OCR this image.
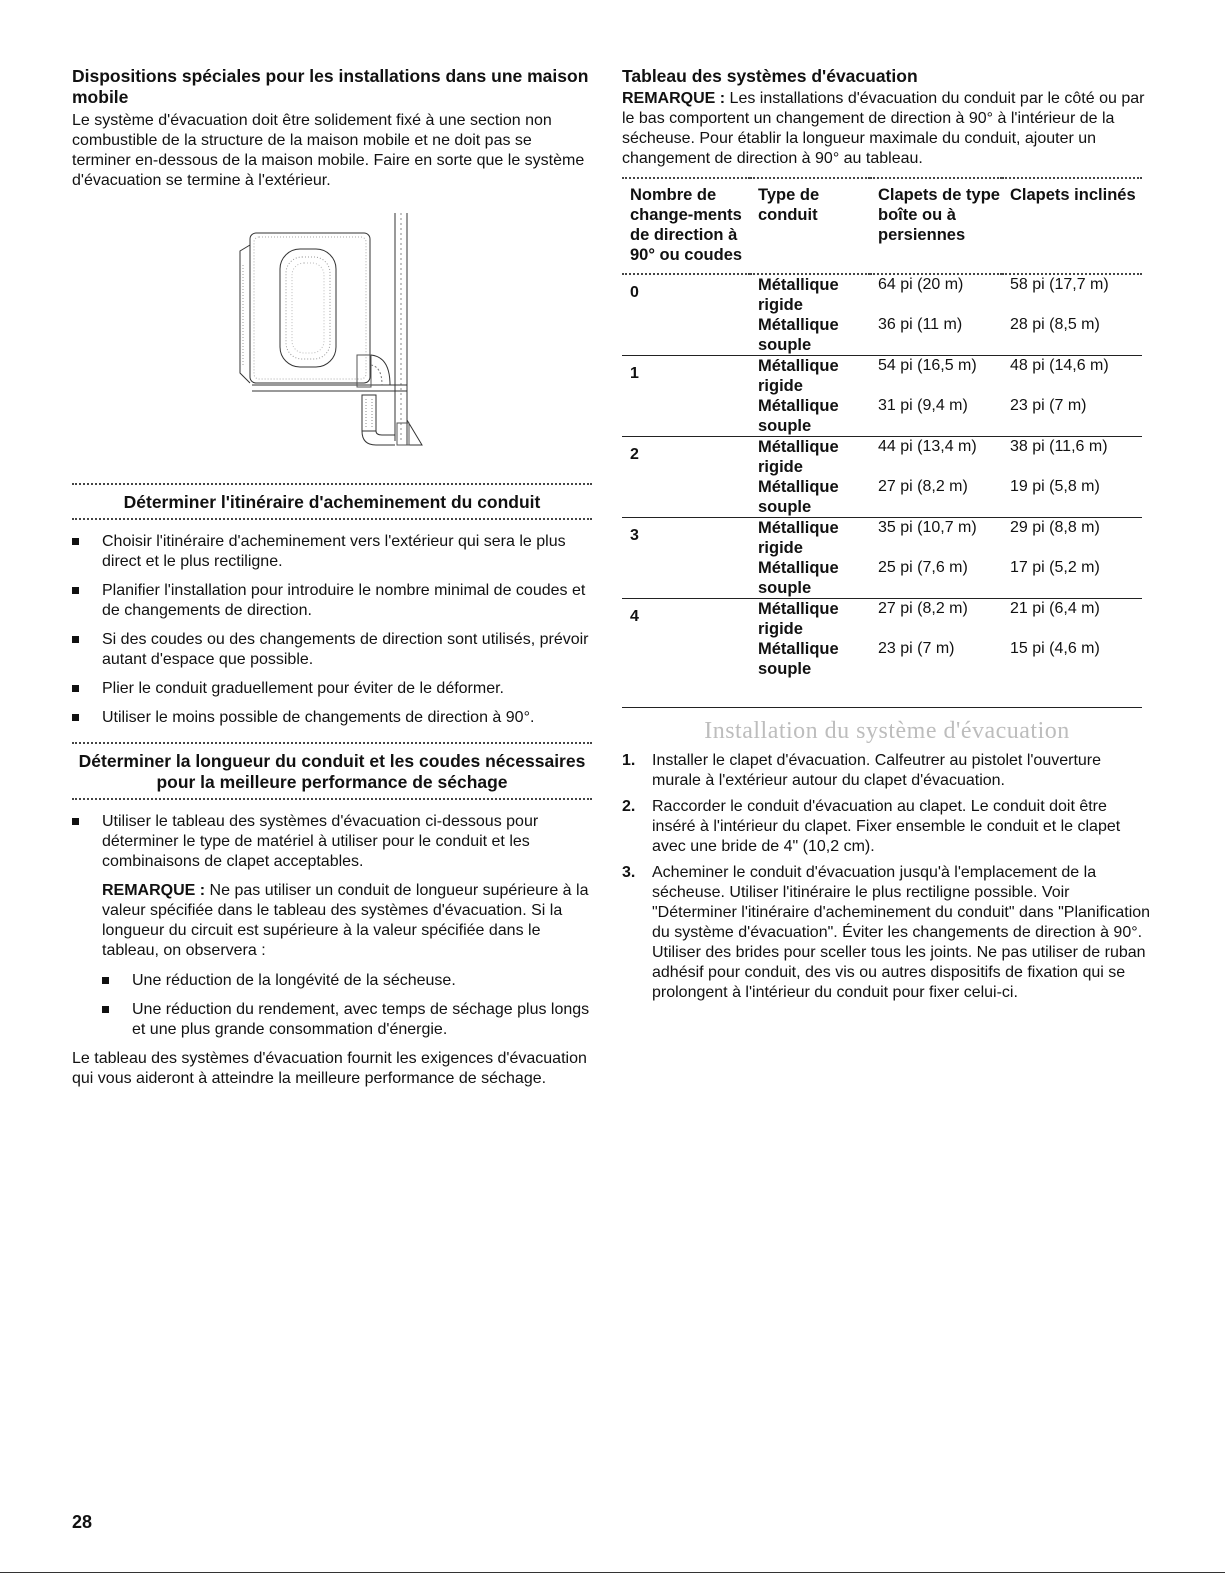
Dispositions spéciales pour les installations dans une maison mobile

Le système d'évacuation doit être solidement fixé à une section non combustible de la structure de la maison mobile et ne doit pas se terminer en-dessous de la maison mobile. Faire en sorte que le système d'évacuation se termine à l'extérieur.

Déterminer l'itinéraire d'acheminement du conduit
Choisir l'itinéraire d'acheminement vers l'extérieur qui sera le plus direct et le plus rectiligne.
Planifier l'installation pour introduire le nombre minimal de coudes et de changements de direction.
Si des coudes ou des changements de direction sont utilisés, prévoir autant d'espace que possible.
Plier le conduit graduellement pour éviter de le déformer.
Utiliser le moins possible de changements de direction à 90°.
Déterminer la longueur du conduit et les coudes nécessaires pour la meilleure performance de séchage
Utiliser le tableau des systèmes d'évacuation ci-dessous pour déterminer le type de matériel à utiliser pour le conduit et les combinaisons de clapet acceptables.

REMARQUE : Ne pas utiliser un conduit de longueur supérieure à la valeur spécifiée dans le tableau des systèmes d'évacuation. Si la longueur du circuit est supérieure à la valeur spécifiée dans le tableau, on observera :

Une réduction de la longévité de la sécheuse.
Une réduction du rendement, avec temps de séchage plus longs et une plus grande consommation d'énergie.

Le tableau des systèmes d'évacuation fournit les exigences d'évacuation qui vous aideront à atteindre la meilleure performance de séchage.

Tableau des systèmes d'évacuation

REMARQUE : Les installations d'évacuation du conduit par le côté ou par le bas comportent un changement de direction à 90° à l'intérieur de la sécheuse. Pour établir la longueur maximale du conduit, ajouter un changement de direction à 90° au tableau.

Nombre de change-ments de direction à 90° ou coudes	Type de conduit	Clapets de type boîte ou à persiennes	Clapets inclinés
0	Métallique rigide	64 pi (20 m)	58 pi (17,7 m)
	Métallique souple	36 pi (11 m)	28 pi (8,5 m)
1	Métallique rigide	54 pi (16,5 m)	48 pi (14,6 m)
	Métallique souple	31 pi (9,4 m)	23 pi (7 m)
2	Métallique rigide	44 pi (13,4 m)	38 pi (11,6 m)
	Métallique souple	27 pi (8,2 m)	19 pi (5,8 m)
3	Métallique rigide	35 pi (10,7 m)	29 pi (8,8 m)
	Métallique souple	25 pi (7,6 m)	17 pi (5,2 m)
4	Métallique rigide	27 pi (8,2 m)	21 pi (6,4 m)
	Métallique souple	23 pi (7 m)	15 pi (4,6 m)
Installation du système d'évacuation
1. Installer le clapet d'évacuation. Calfeutrer au pistolet l'ouverture murale à l'extérieur autour du clapet d'évacuation.
2. Raccorder le conduit d'évacuation au clapet. Le conduit doit être inséré à l'intérieur du clapet. Fixer ensemble le conduit et le clapet avec une bride de 4" (10,2 cm).
3. Acheminer le conduit d'évacuation jusqu'à l'emplacement de la sécheuse. Utiliser l'itinéraire le plus rectiligne possible. Voir "Déterminer l'itinéraire d'acheminement du conduit" dans "Planification du système d'évacuation". Éviter les changements de direction à 90°. Utiliser des brides pour sceller tous les joints. Ne pas utiliser de ruban adhésif pour conduit, des vis ou autres dispositifs de fixation qui se prolongent à l'intérieur du conduit pour fixer celui-ci.
28
